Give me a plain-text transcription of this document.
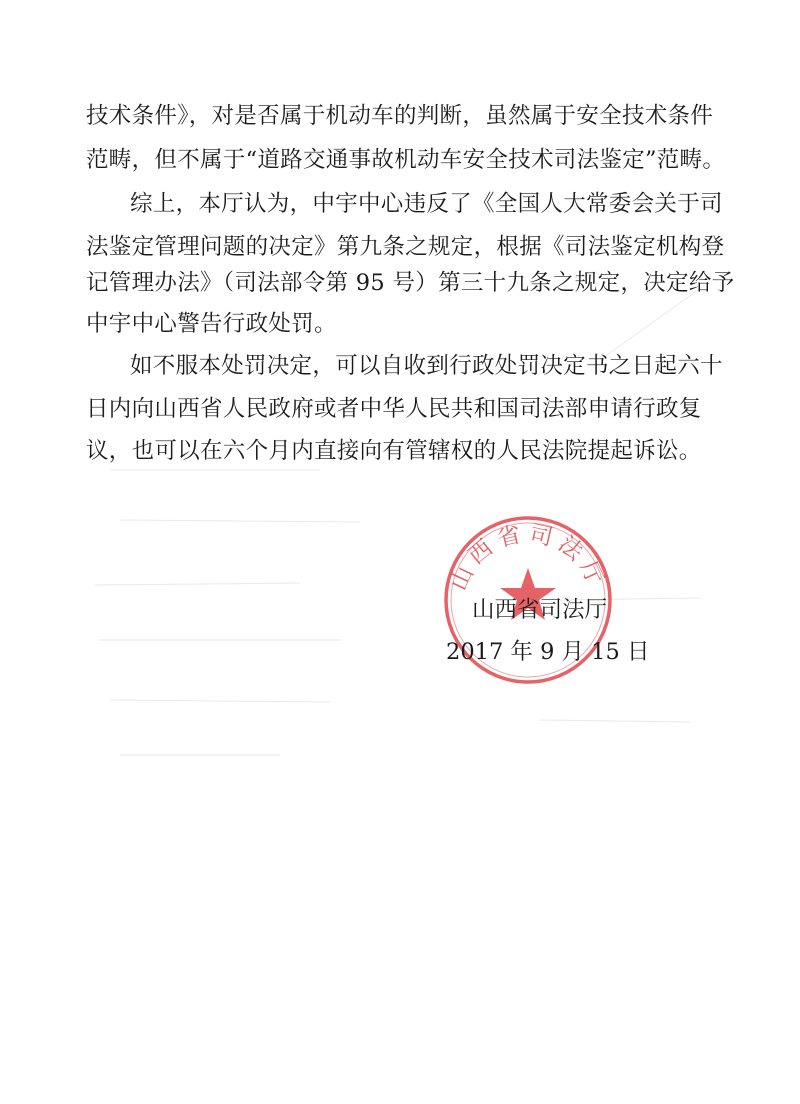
技术条件》，对是否属于机动车的判断，虽然属于安全技术条件
范畴，但不属于“道路交通事故机动车安全技术司法鉴定”范畴。
综上，本厅认为，中宇中心违反了《全国人大常委会关于司
法鉴定管理问题的决定》第九条之规定，根据《司法鉴定机构登
记管理办法》（司法部令第 95 号）第三十九条之规定，决定给予
中宇中心警告行政处罚。
如不服本处罚决定，可以自收到行政处罚决定书之日起六十
日内向山西省人民政府或者中华人民共和国司法部申请行政复
议，也可以在六个月内直接向有管辖权的人民法院提起诉讼。
山西省司法厅
山西省司法厅
2017 年 9 月 15 日
